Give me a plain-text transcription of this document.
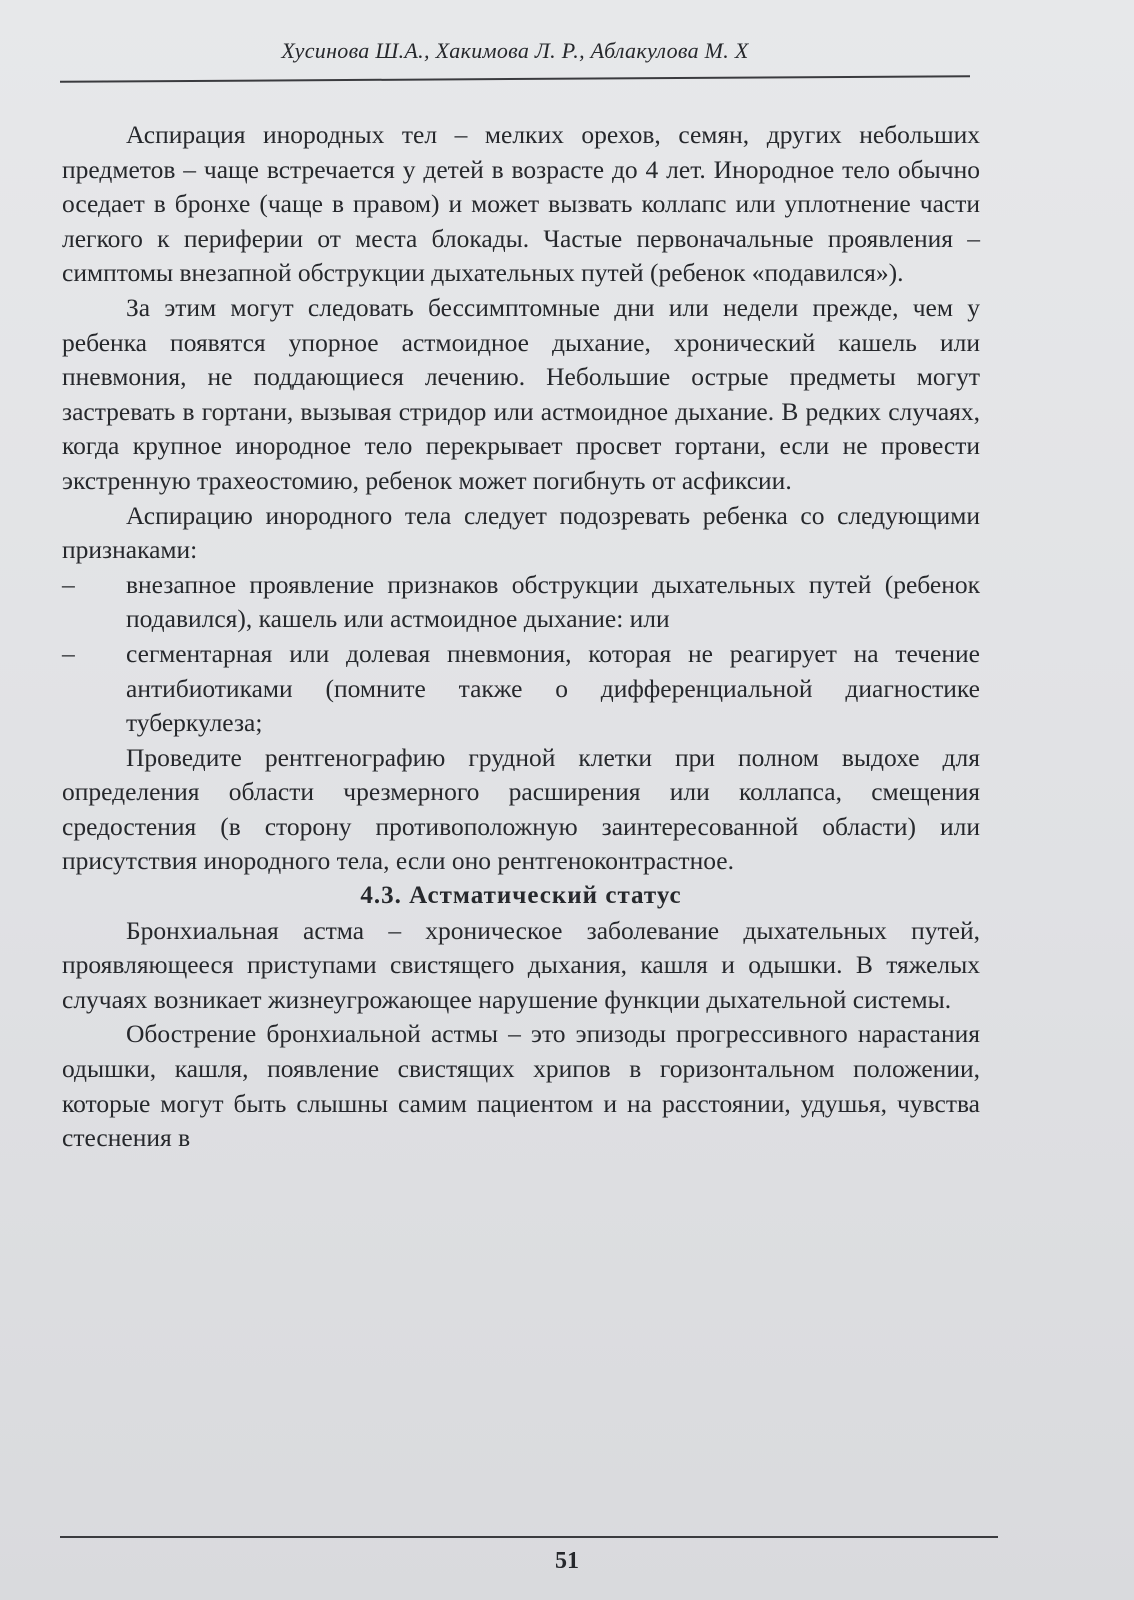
Хусинова Ш.А., Хакимова Л. Р., Аблакулова М. Х

Аспирация инородных тел – мелких орехов, семян, других небольших предметов – чаще встречается у детей в возрасте до 4 лет. Инородное тело обычно оседает в бронхе (чаще в правом) и может вызвать коллапс или уплотнение части легкого к периферии от места блокады. Частые первоначальные проявления – симптомы внезапной обструкции дыхательных путей (ребенок «подавился»).

За этим могут следовать бессимптомные дни или недели прежде, чем у ребенка появятся упорное астмоидное дыхание, хронический кашель или пневмония, не поддающиеся лечению. Небольшие острые предметы могут застревать в гортани, вызывая стридор или астмоидное дыхание. В редких случаях, когда крупное инородное тело перекрывает просвет гортани, если не провести экстренную трахеостомию, ребенок может погибнуть от асфиксии.

Аспирацию инородного тела следует подозревать ребенка со следующими признаками:

– внезапное проявление признаков обструкции дыхательных путей (ребенок подавился), кашель или астмоидное дыхание: или

– сегментарная или долевая пневмония, которая не реагирует на течение антибиотиками (помните также о дифференциальной диагностике туберкулеза;

Проведите рентгенографию грудной клетки при полном выдохе для определения области чрезмерного расширения или коллапса, смещения средостения (в сторону противоположную заинтересованной области) или присутствия инородного тела, если оно рентгеноконтрастное.

4.3. Астматический статус

Бронхиальная астма – хроническое заболевание дыхательных путей, проявляющееся приступами свистящего дыхания, кашля и одышки. В тяжелых случаях возникает жизнеугрожающее нарушение функции дыхательной системы.

Обострение бронхиальной астмы – это эпизоды прогрессивного нарастания одышки, кашля, появление свистящих хрипов в горизонтальном положении, которые могут быть слышны самим пациентом и на расстоянии, удушья, чувства стеснения в

51
